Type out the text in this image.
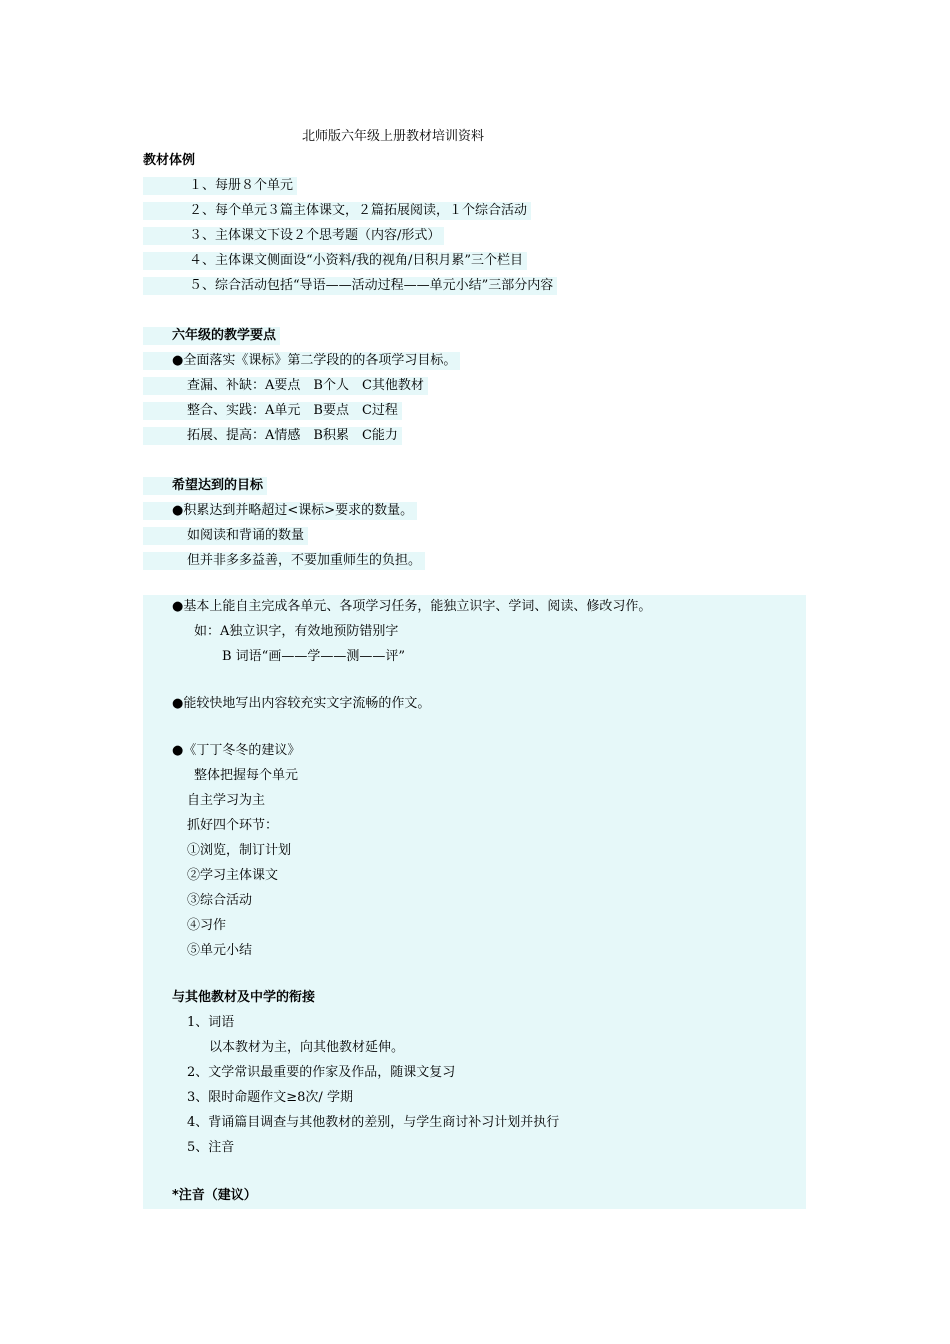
北师版六年级上册教材培训资料
教材体例
１、每册８个单元
２、每个单元３篇主体课文，２篇拓展阅读，１个综合活动
３、主体课文下设２个思考题（内容/形式）
４、主体课文侧面设“小资料/我的视角/日积月累”三个栏目
５、综合活动包括“导语——活动过程——单元小结”三部分内容
六年级的教学要点
●全面落实《课标》第二学段的的各项学习目标。
查漏、补缺：A要点　B个人　C其他教材
整合、实践：A单元　B要点　C过程
拓展、提高：A情感　B积累　C能力
希望达到的目标
●积累达到并略超过<课标>要求的数量。
如阅读和背诵的数量
但并非多多益善，不要加重师生的负担。
●基本上能自主完成各单元、各项学习任务，能独立识字、学词、阅读、修改习作。
如：A独立识字，有效地预防错别字
B 词语“画——学——测——评”
●能较快地写出内容较充实文字流畅的作文。
●《丁丁冬冬的建议》
整体把握每个单元
自主学习为主
抓好四个环节：
①浏览，制订计划
②学习主体课文
③综合活动
④习作
⑤单元小结
与其他教材及中学的衔接
1、词语
以本教材为主，向其他教材延伸。
2、文学常识最重要的作家及作品，随课文复习
3、限时命题作文≥8次/ 学期
4、背诵篇目调查与其他教材的差别，与学生商讨补习计划并执行
5、注音
*注音（建议）
